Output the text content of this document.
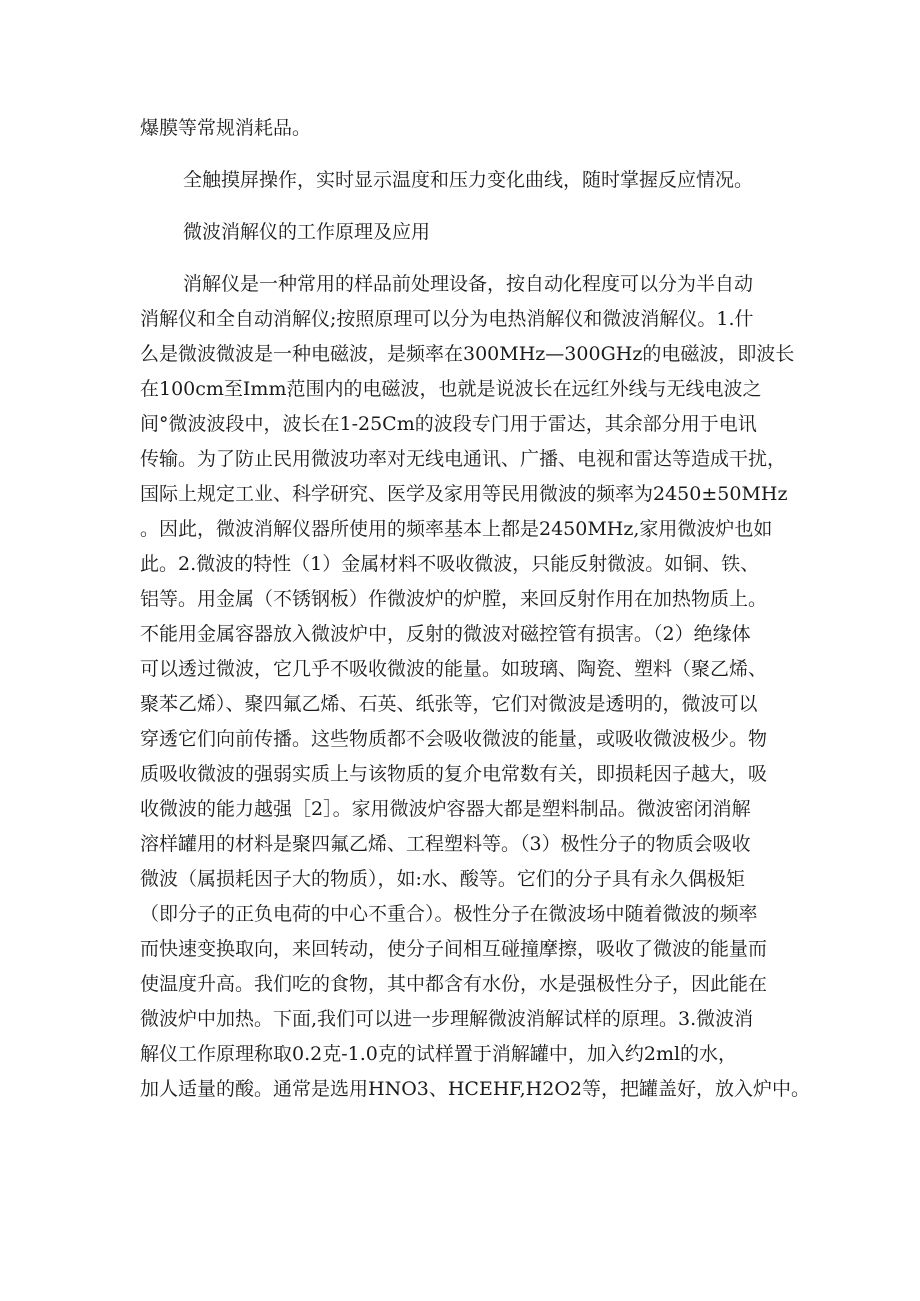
爆膜等常规消耗品。

全触摸屏操作，实时显示温度和压力变化曲线，随时掌握反应情况。

微波消解仪的工作原理及应用

消解仪是一种常用的样品前处理设备，按自动化程度可以分为半自动

消解仪和全自动消解仪;按照原理可以分为电热消解仪和微波消解仪。1.什

么是微波微波是一种电磁波，是频率在300MHz—300GHz的电磁波，即波长

在100cm至Imm范围内的电磁波，也就是说波长在远红外线与无线电波之

间°微波波段中，波长在1-25Cm的波段专门用于雷达，其余部分用于电讯

传输。为了防止民用微波功率对无线电通讯、广播、电视和雷达等造成干扰，

国际上规定工业、科学研究、医学及家用等民用微波的频率为2450±50MHz

。因此，微波消解仪器所使用的频率基本上都是2450MHz,家用微波炉也如

此。2.微波的特性（1）金属材料不吸收微波，只能反射微波。如铜、铁、

铝等。用金属（不锈钢板）作微波炉的炉膛，来回反射作用在加热物质上。

不能用金属容器放入微波炉中，反射的微波对磁控管有损害。（2）绝缘体

可以透过微波，它几乎不吸收微波的能量。如玻璃、陶瓷、塑料（聚乙烯、

聚苯乙烯）、聚四氟乙烯、石英、纸张等，它们对微波是透明的，微波可以

穿透它们向前传播。这些物质都不会吸收微波的能量，或吸收微波极少。物

质吸收微波的强弱实质上与该物质的复介电常数有关，即损耗因子越大，吸

收微波的能力越强［2］。家用微波炉容器大都是塑料制品。微波密闭消解

溶样罐用的材料是聚四氟乙烯、工程塑料等。（3）极性分子的物质会吸收

微波（属损耗因子大的物质），如:水、酸等。它们的分子具有永久偶极矩

（即分子的正负电荷的中心不重合）。极性分子在微波场中随着微波的频率

而快速变换取向，来回转动，使分子间相互碰撞摩擦，吸收了微波的能量而

使温度升高。我们吃的食物，其中都含有水份，水是强极性分子，因此能在

微波炉中加热。下面,我们可以进一步理解微波消解试样的原理。3.微波消

解仪工作原理称取0.2克-1.0克的试样置于消解罐中，加入约2ml的水，

加人适量的酸。通常是选用HNO3、HCEHF,H2O2等，把罐盖好，放入炉中。
